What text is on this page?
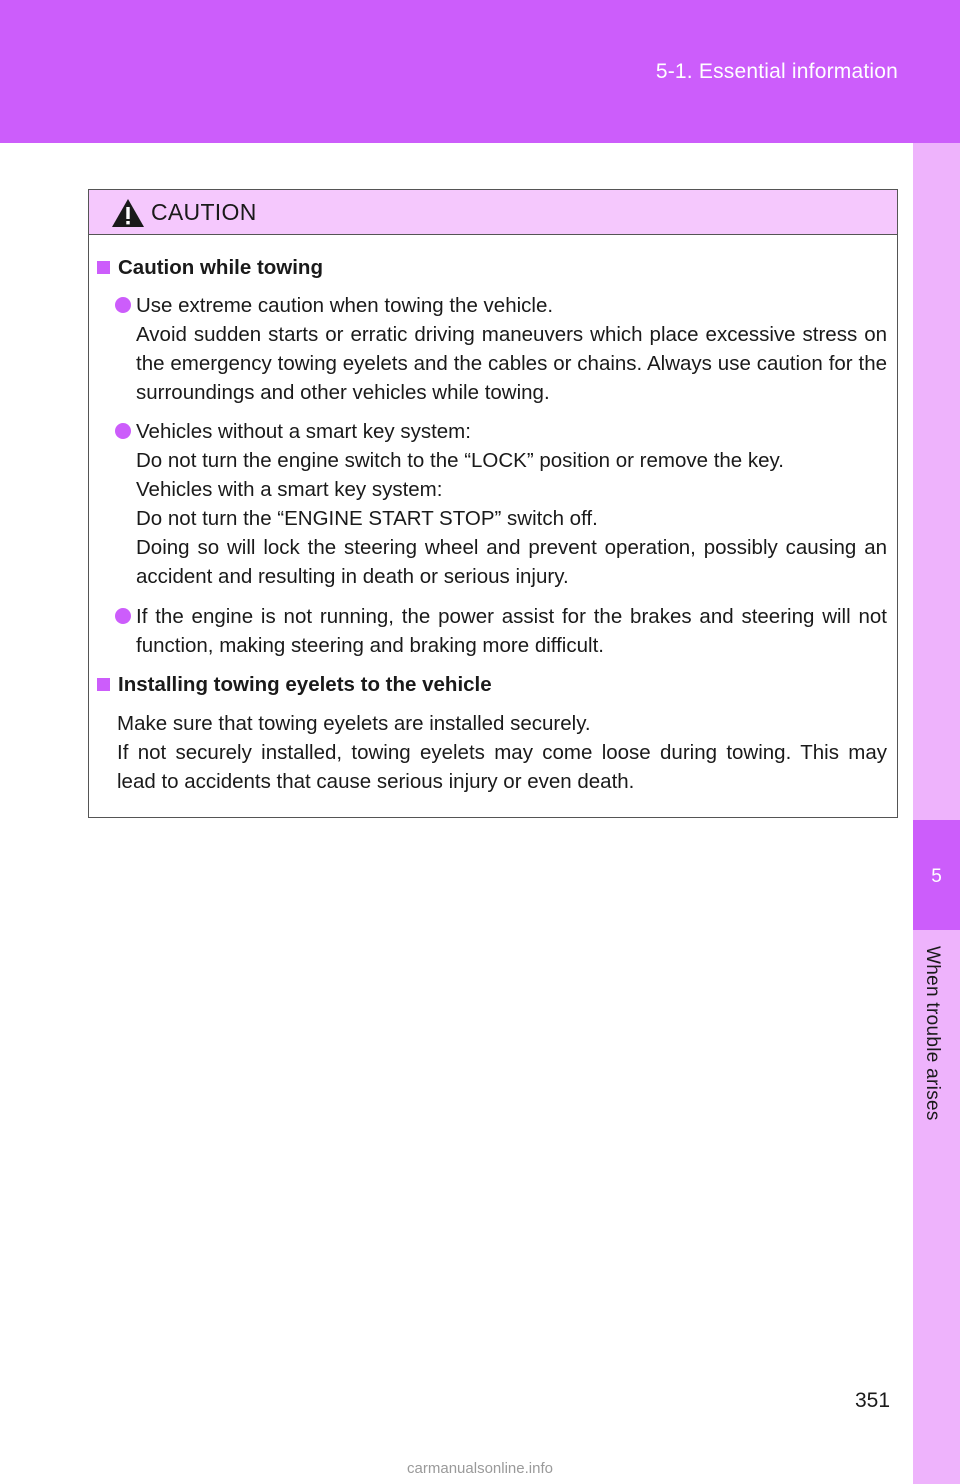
5-1. Essential information
5
When trouble arises
CAUTION
Caution while towing
Use extreme caution when towing the vehicle.
Avoid sudden starts or erratic driving maneuvers which place excessive stress on the emergency towing eyelets and the cables or chains. Always use caution for the surroundings and other vehicles while towing.
Vehicles without a smart key system:
Do not turn the engine switch to the “LOCK” position or remove the key.
Vehicles with a smart key system:
Do not turn the “ENGINE START STOP” switch off.
Doing so will lock the steering wheel and prevent operation, possibly causing an accident and resulting in death or serious injury.
If the engine is not running, the power assist for the brakes and steering will not function, making steering and braking more difficult.
Installing towing eyelets to the vehicle
Make sure that towing eyelets are installed securely.
If not securely installed, towing eyelets may come loose during towing. This may lead to accidents that cause serious injury or even death.
351
carmanualsonline.info
